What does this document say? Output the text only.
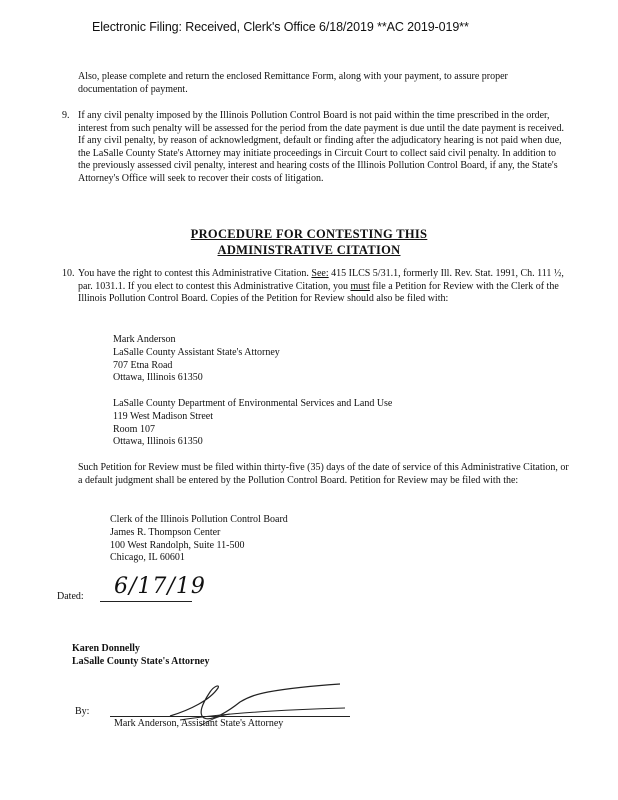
Electronic Filing: Received, Clerk's Office 6/18/2019 **AC 2019-019**
Also, please complete and return the enclosed Remittance Form, along with your payment, to assure proper documentation of payment.
9. If any civil penalty imposed by the Illinois Pollution Control Board is not paid within the time prescribed in the order, interest from such penalty will be assessed for the period from the date payment is due until the date payment is received. If any civil penalty, by reason of acknowledgment, default or finding after the adjudicatory hearing is not paid when due, the LaSalle County State's Attorney may initiate proceedings in Circuit Court to collect said civil penalty. In addition to the previously assessed civil penalty, interest and hearing costs of the Illinois Pollution Control Board, if any, the State's Attorney's Office will seek to recover their costs of litigation.
PROCEDURE FOR CONTESTING THIS
ADMINISTRATIVE CITATION
10. You have the right to contest this Administrative Citation. See: 415 ILCS 5/31.1, formerly Ill. Rev. Stat. 1991, Ch. 111 ½, par. 1031.1. If you elect to contest this Administrative Citation, you must file a Petition for Review with the Clerk of the Illinois Pollution Control Board. Copies of the Petition for Review should also be filed with:
Mark Anderson
LaSalle County Assistant State's Attorney
707 Etna Road
Ottawa, Illinois 61350
LaSalle County Department of Environmental Services and Land Use
119 West Madison Street
Room 107
Ottawa, Illinois 61350
Such Petition for Review must be filed within thirty-five (35) days of the date of service of this Administrative Citation, or a default judgment shall be entered by the Pollution Control Board. Petition for Review may be filed with the:
Clerk of the Illinois Pollution Control Board
James R. Thompson Center
100 West Randolph, Suite 11-500
Chicago, IL 60601
Dated: 6/17/19
Karen Donnelly
LaSalle County State's Attorney
By:
Mark Anderson, Assistant State's Attorney
